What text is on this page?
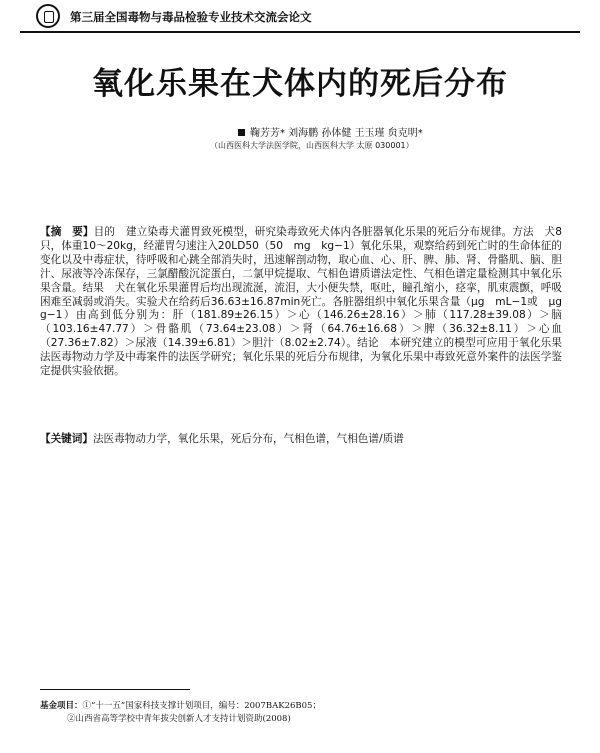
第三届全国毒物与毒品检验专业技术交流会论文
氧化乐果在犬体内的死后分布
鞠芳芳* 刘海鹏 孙体健 王玉瑾 贠克明*
（山西医科大学法医学院，山西医科大学 太原 030001）
【摘　要】目的　建立染毒犬灌胃致死模型，研究染毒致死犬体内各脏器氧化乐果的死后分布规律。方法　犬8只，体重10～20kg，经灌胃匀速注入20LD50（50　mg　kg−1）氧化乐果，观察给药到死亡时的生命体征的变化以及中毒症状，待呼吸和心跳全部消失时，迅速解剖动物，取心血、心、肝、脾、肺、肾、骨骼肌、脑、胆汁、尿液等冷冻保存，三氯醋酸沉淀蛋白，二氯甲烷提取、气相色谱质谱法定性、气相色谱定量检测其中氧化乐果含量。结果　犬在氧化乐果灌胃后均出现流涎，流泪，大小便失禁，呕吐，瞳孔缩小，痉挛，肌束震颤，呼吸困难至减弱或消失。实验犬在给药后36.63±16.87min死亡。各脏器组织中氧化乐果含量（μg　mL−1或　μg　g−1）由高到低分别为：肝（181.89±26.15）＞心（146.26±28.16）＞肺（117.28±39.08）＞脑（103.16±47.77）＞骨骼肌（73.64±23.08）＞肾（64.76±16.68）＞脾（36.32±8.11）＞心血（27.36±7.82）＞尿液（14.39±6.81）＞胆汁（8.02±2.74）。结论　本研究建立的模型可应用于氧化乐果法医毒物动力学及中毒案件的法医学研究；氧化乐果的死后分布规律，为氧化乐果中毒致死意外案件的法医学鉴定提供实验依据。
【关键词】法医毒物动力学，氧化乐果，死后分布，气相色谱，气相色谱/质谱
基金项目：①“十一五”国家科技支撑计划项目，编号：2007BAK26B05；
②山西省高等学校中青年拔尖创新人才支持计划资助(2008)
